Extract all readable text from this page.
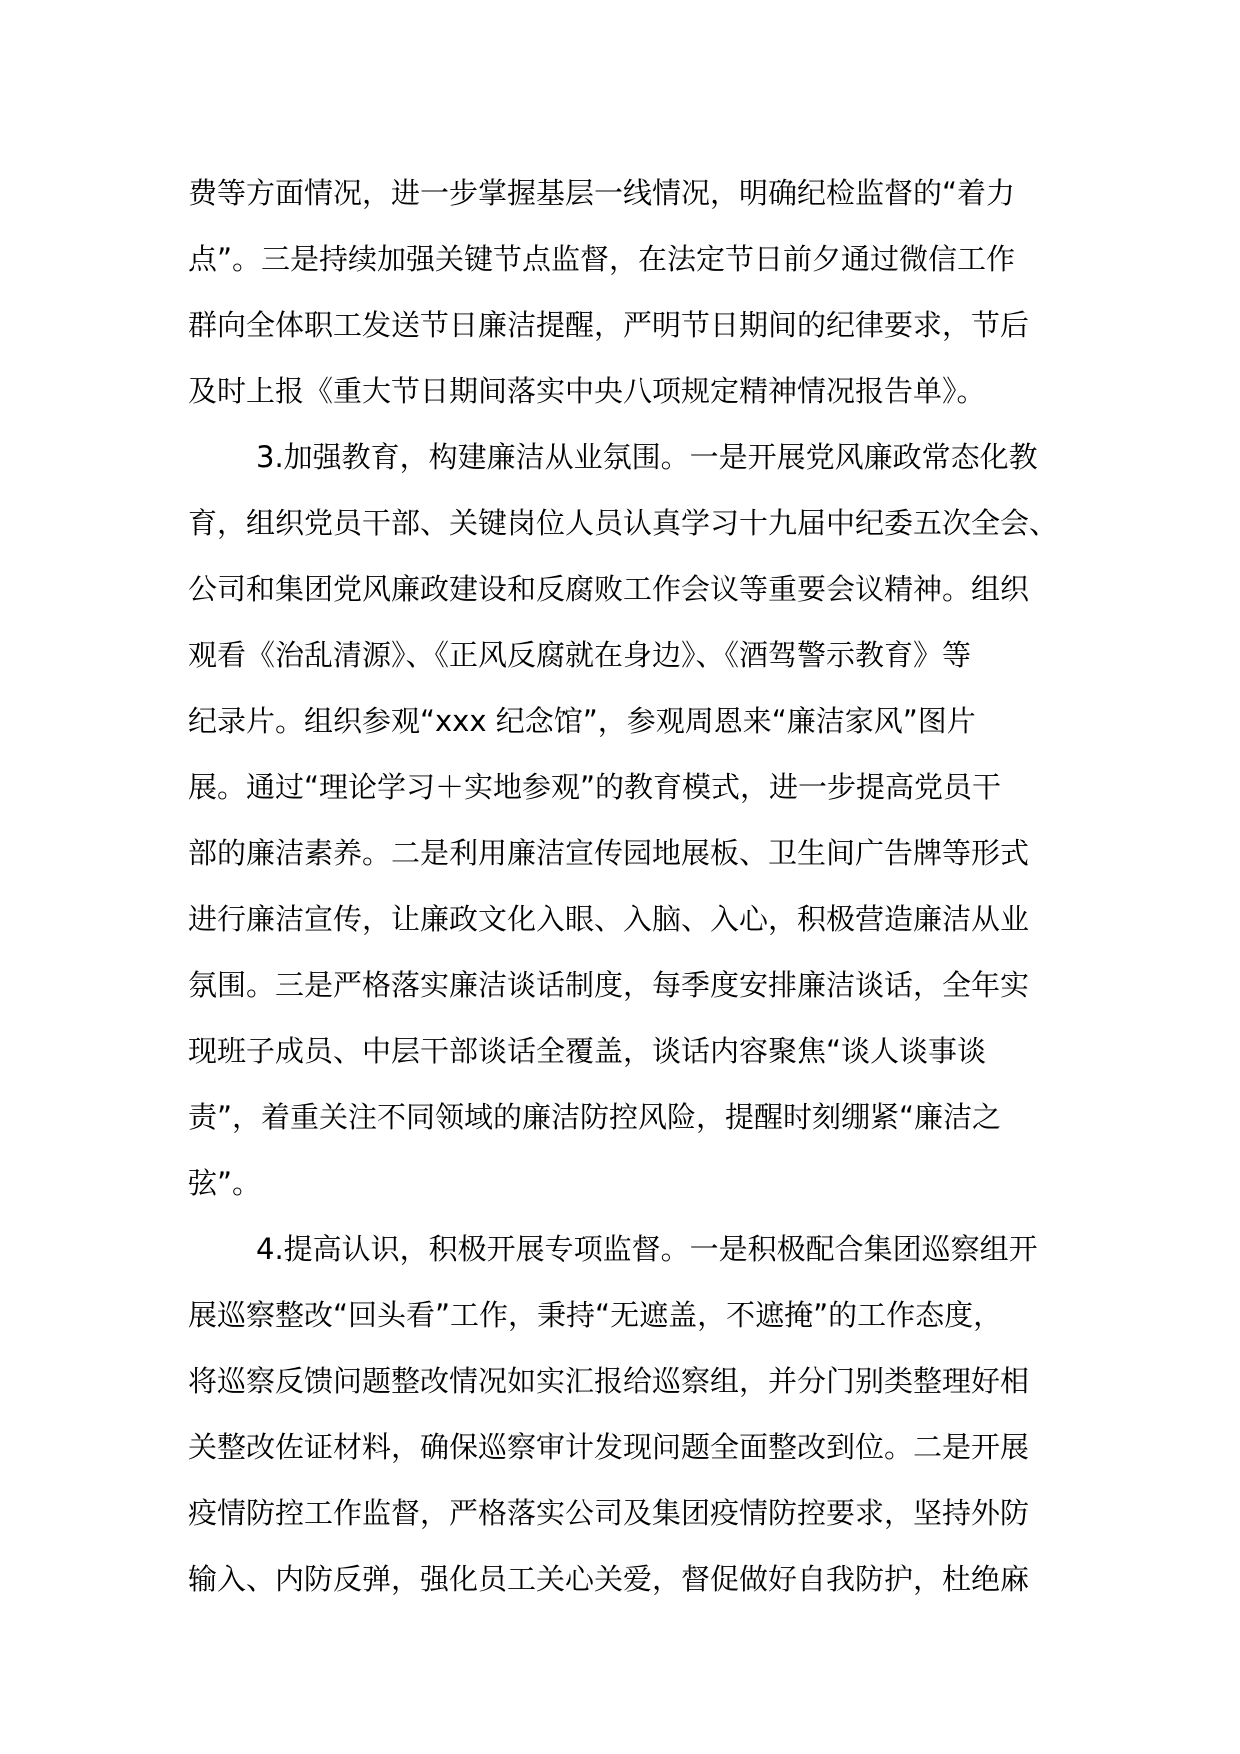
费等方面情况，进一步掌握基层一线情况，明确纪检监督的“着力
点”。三是持续加强关键节点监督，在法定节日前夕通过微信工作
群向全体职工发送节日廉洁提醒，严明节日期间的纪律要求，节后
及时上报《重大节日期间落实中央八项规定精神情况报告单》。
3.加强教育，构建廉洁从业氛围。一是开展党风廉政常态化教
育，组织党员干部、关键岗位人员认真学习十九届中纪委五次全会、
公司和集团党风廉政建设和反腐败工作会议等重要会议精神。组织
观看《治乱清源》、《正风反腐就在身边》、《酒驾警示教育》等
纪录片。组织参观“xxx 纪念馆”，参观周恩来“廉洁家风”图片
展。通过“理论学习＋实地参观”的教育模式，进一步提高党员干
部的廉洁素养。二是利用廉洁宣传园地展板、卫生间广告牌等形式
进行廉洁宣传，让廉政文化入眼、入脑、入心，积极营造廉洁从业
氛围。三是严格落实廉洁谈话制度，每季度安排廉洁谈话，全年实
现班子成员、中层干部谈话全覆盖，谈话内容聚焦“谈人谈事谈
责”，着重关注不同领域的廉洁防控风险，提醒时刻绷紧“廉洁之
弦”。
4.提高认识，积极开展专项监督。一是积极配合集团巡察组开
展巡察整改“回头看”工作，秉持“无遮盖，不遮掩”的工作态度，
将巡察反馈问题整改情况如实汇报给巡察组，并分门别类整理好相
关整改佐证材料，确保巡察审计发现问题全面整改到位。二是开展
疫情防控工作监督，严格落实公司及集团疫情防控要求，坚持外防
输入、内防反弹，强化员工关心关爱，督促做好自我防护，杜绝麻
